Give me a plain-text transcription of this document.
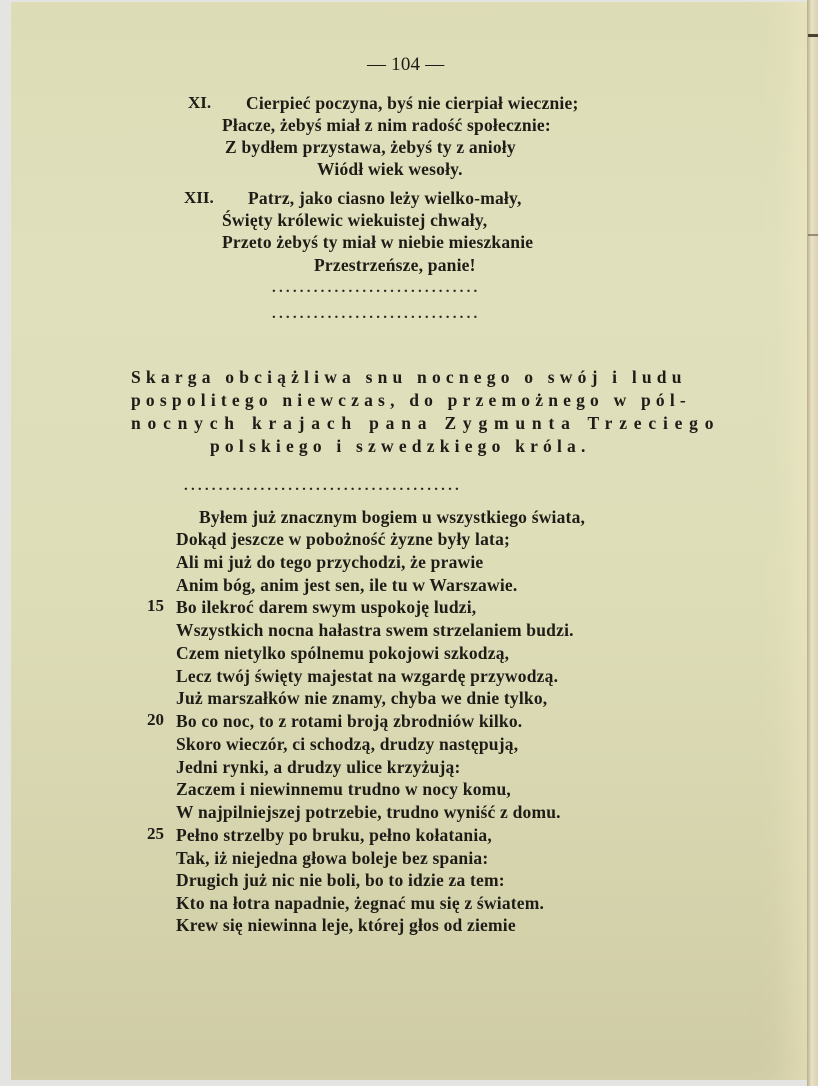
— 104 —
XI. Cierpieć poczyna, byś nie cierpiał wiecznie;
Płacze, żebyś miał z nim radość społecznie:
Z bydłem przystawa, żebyś ty z anioły
Wiódł wiek wesoły.
XII. Patrz, jako ciasno leży wielko-mały,
Święty królewic wiekuistej chwały,
Przeto żebyś ty miał w niebie mieszkanie
Przestrzeńsze, panie!
..............................
..............................
Skarga obciążliwa snu nocnego o swój i ludu
pospolitego niewczas, do przemożnego w pól-
nocnych krajach pana Zygmunta Trzeciego
polskiego i szwedzkiego króla.
........................................
Byłem już znacznym bogiem u wszystkiego świata,
Dokąd jeszcze w pobożność żyzne były lata;
Ali mi już do tego przychodzi, że prawie
Anim bóg, anim jest sen, ile tu w Warszawie.
15 Bo ilekroć darem swym uspokoję ludzi,
Wszystkich nocna hałastra swem strzelaniem budzi.
Czem nietylko spólnemu pokojowi szkodzą,
Lecz twój święty majestat na wzgardę przywodzą.
Już marszałków nie znamy, chyba we dnie tylko,
20 Bo co noc, to z rotami broją zbrodniów kilko.
Skoro wieczór, ci schodzą, drudzy następują,
Jedni rynki, a drudzy ulice krzyżują:
Zaczem i niewinnemu trudno w nocy komu,
W najpilniejszej potrzebie, trudno wyniść z domu.
25 Pełno strzelby po bruku, pełno kołatania,
Tak, iż niejedna głowa boleje bez spania:
Drugich już nic nie boli, bo to idzie za tem:
Kto na łotra napadnie, żegnać mu się z światem.
Krew się niewinna leje, której głos od ziemie
